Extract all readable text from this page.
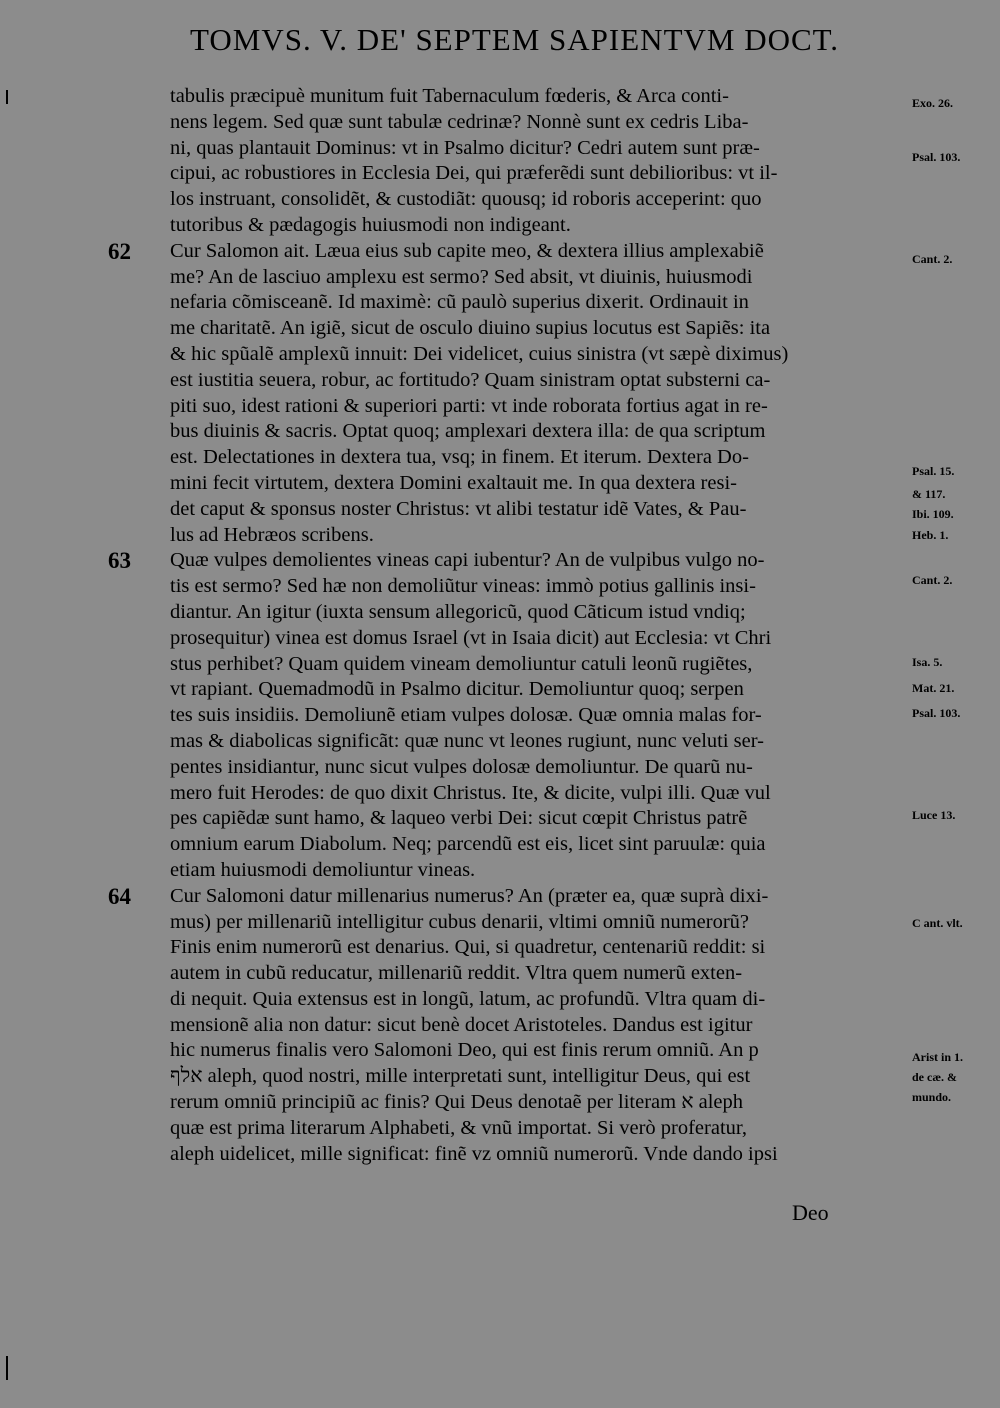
TOMVS. V. DE' SEPTEM SAPIENTVM DOCT.
tabulis præcipuè munitum fuit Tabernaculum fœderis, & Arca conti-
nens legem. Sed quæ sunt tabulæ cedrinæ? Nonnè sunt ex cedris Liba-
ni, quas plantauit Dominus: vt in Psalmo dicitur? Cedri autem sunt præ-
cipui, ac robustiores in Ecclesia Dei, qui præferẽdi sunt debilioribus: vt il-
los instruant, consolidẽt, & custodiãt: quousq; id roboris acceperint: quo
tutoribus & pædagogis huiusmodi non indigeant.
62 Cur Salomon ait. Læua eius sub capite meo, & dextera illius amplexabiẽ
me? An de lasciuo amplexu est sermo? Sed absit, vt diuinis, huiusmodi
nefaria cõmisceanẽ. Id maximè: cũ paulò superius dixerit. Ordinauit in
me charitatẽ. An igiẽ, sicut de osculo diuino supius locutus est Sapiẽs: ita
& hic spũalẽ amplexũ innuit: Dei videlicet, cuius sinistra (vt sæpè diximus)
est iustitia seuera, robur, ac fortitudo? Quam sinistram optat substerni ca-
piti suo, idest rationi & superiori parti: vt inde roborata fortius agat in re-
bus diuinis & sacris. Optat quoq; amplexari dextera illa: de qua scriptum
est. Delectationes in dextera tua, vsq; in finem. Et iterum. Dextera Do-
mini fecit virtutem, dextera Domini exaltauit me. In qua dextera resi-
det caput & sponsus noster Christus: vt alibi testatur idẽ Vates, & Pau-
lus ad Hebræos scribens.
63 Quæ vulpes demolientes vineas capi iubentur? An de vulpibus vulgo no-
tis est sermo? Sed hæ non demoliũtur vineas: immò potius gallinis insi-
diantur. An igitur (iuxta sensum allegoricũ, quod Cãticum istud vndiq;
prosequitur) vinea est domus Israel (vt in Isaia dicit) aut Ecclesia: vt Chri
stus perhibet? Quam quidem vineam demoliuntur catuli leonũ rugiẽtes,
vt rapiant. Quemadmodũ in Psalmo dicitur. Demoliuntur quoq; serpen
tes suis insidiis. Demoliunẽ etiam vulpes dolosæ. Quæ omnia malas for-
mas & diabolicas significãt: quæ nunc vt leones rugiunt, nunc veluti ser-
pentes insidiantur, nunc sicut vulpes dolosæ demoliuntur. De quarũ nu-
mero fuit Herodes: de quo dixit Christus. Ite, & dicite, vulpi illi. Quæ vul
pes capiẽdæ sunt hamo, & laqueo verbi Dei: sicut cœpit Christus patrẽ
omnium earum Diabolum. Neq; parcendũ est eis, licet sint paruulæ: quia
etiam huiusmodi demoliuntur vineas.
64 Cur Salomoni datur millenarius numerus? An (præter ea, quæ suprà dixi-
mus) per millenariũ intelligitur cubus denarii, vltimi omniũ numerorũ?
Finis enim numerorũ est denarius. Qui, si quadretur, centenariũ reddit: si
autem in cubũ reducatur, millenariũ reddit. Vltra quem numerũ exten-
di nequit. Quia extensus est in longũ, latum, ac profundũ. Vltra quam di-
mensionẽ alia non datur: sicut benè docet Aristoteles. Dandus est igitur
hic numerus finalis vero Salomoni Deo, qui est finis rerum omniũ. An p
אלף aleph, quod nostri, mille interpretati sunt, intelligitur Deus, qui est
rerum omniũ principiũ ac finis? Qui Deus denotaẽ per literam א aleph
quæ est prima literarum Alphabeti, & vnũ importat. Si verò proferatur,
aleph uidelicet, mille significat: finẽ vz omniũ numerorũ. Vnde dando ipsi
Exo. 26.
Psal. 103.
Cant. 2.
Psal. 15.
& 117.
Ibi. 109.
Heb. 1.
Cant. 2.
Isa. 5.
Mat. 21.
Psal. 103.
Luce 13.
C ant. vlt.
Arist in 1.
de cæ. &
mundo.
Deo
